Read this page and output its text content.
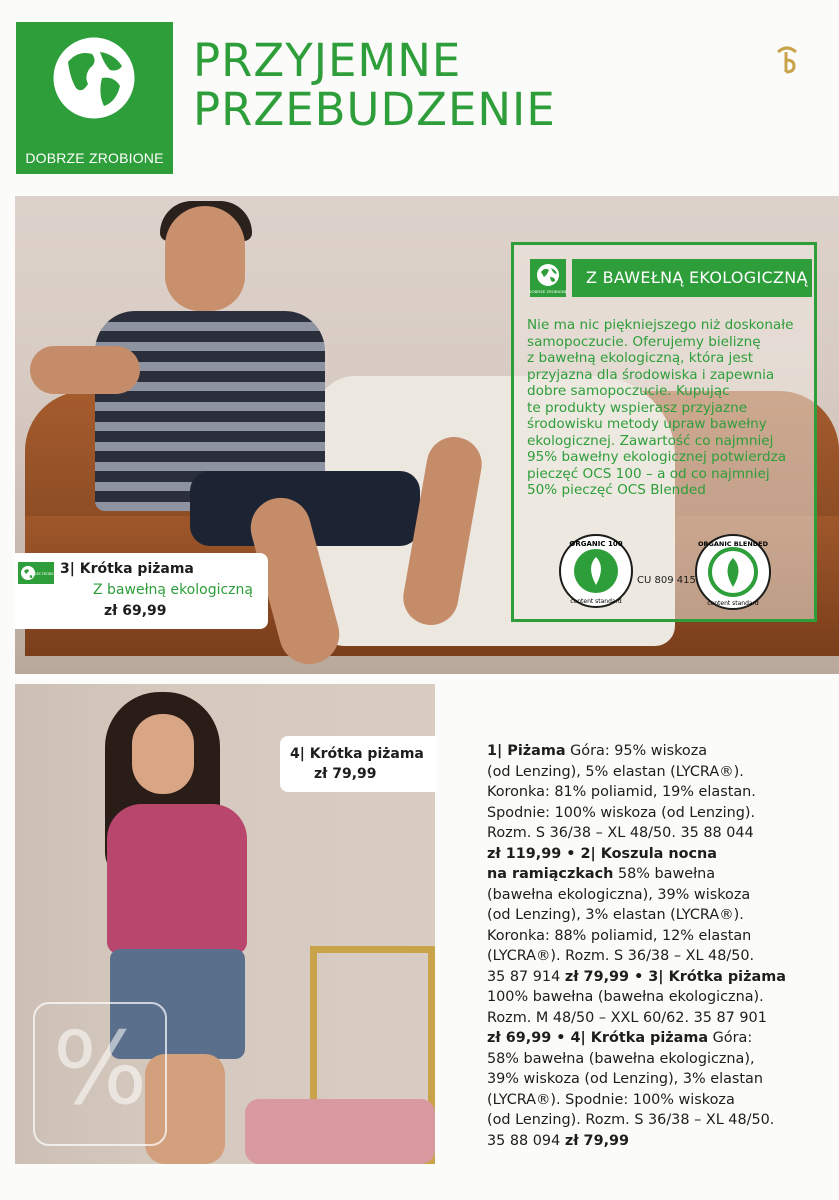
DOBRZE ZROBIONE
PRZYJEMNE
PRZEBUDZENIE
DOBRZE ZROBIONE
Z BAWEŁNĄ EKOLOGICZNĄ
Nie ma nic piękniejszego niż doskonałe
samopoczucie. Oferujemy bieliznę
z bawełną ekologiczną, która jest
przyjazna dla środowiska i zapewnia
dobre samopoczucie. Kupując
te produkty wspierasz przyjazne
środowisku metody upraw bawełny
ekologicznej. Zawartość co najmniej
95% bawełny ekologicznej potwierdza
pieczęć OCS 100 – a od co najmniej
50% pieczęć OCS Blended
ORGANIC 100
content standard
CU 809 415
ORGANIC BLENDED
content standard
DOBRZE ZROBIONE 3| Krótka piżama
Z bawełną ekologiczną
zł 69,99
%
4| Krótka piżama
zł 79,99

1| Piżama Góra: 95% wiskoza

(od Lenzing), 5% elastan (LYCRA®).

Koronka: 81% poliamid, 19% elastan.

Spodnie: 100% wiskoza (od Lenzing).

Rozm. S 36/38 – XL 48/50. 35 88 044

zł 119,99 • 2| Koszula nocna

na ramiączkach 58% bawełna

(bawełna ekologiczna), 39% wiskoza

(od Lenzing), 3% elastan (LYCRA®).

Koronka: 88% poliamid, 12% elastan

(LYCRA®). Rozm. S 36/38 – XL 48/50.

35 87 914 zł 79,99 • 3| Krótka piżama

100% bawełna (bawełna ekologiczna).

Rozm. M 48/50 – XXL 60/62. 35 87 901

zł 69,99 • 4| Krótka piżama Góra:

58% bawełna (bawełna ekologiczna),

39% wiskoza (od Lenzing), 3% elastan

(LYCRA®). Spodnie: 100% wiskoza

(od Lenzing). Rozm. S 36/38 – XL 48/50.

35 88 094 zł 79,99
